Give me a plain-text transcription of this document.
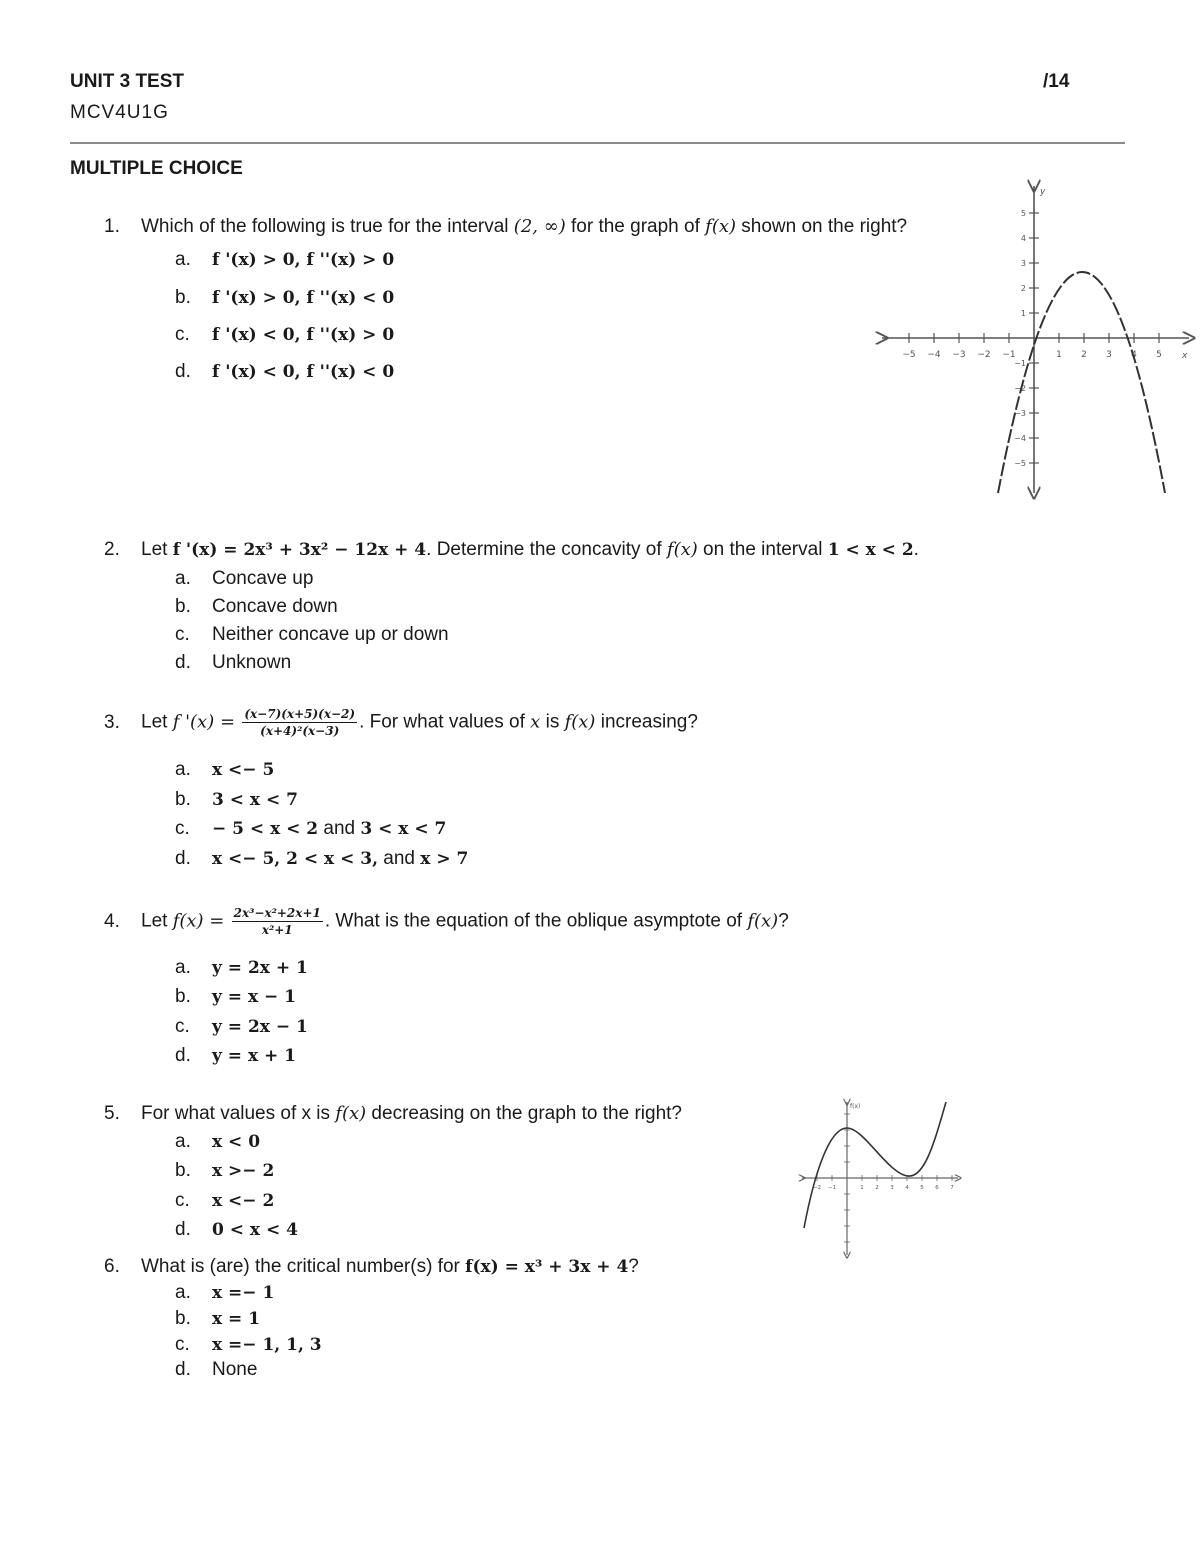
UNIT 3 TEST	/14
MCV4U1G
MULTIPLE CHOICE
1. Which of the following is true for the interval (2, ∞) for the graph of f(x) shown on the right?
a. f '(x) > 0, f ''(x) > 0
b. f '(x) > 0, f ''(x) < 0
c. f '(x) < 0, f ''(x) > 0
d. f '(x) < 0, f ''(x) < 0
−5 −4 −3 −2 −1	1 2 3 4 5
5
4
3
2
1
−1
−2
−3
−4
−5
y
x
2. Let f '(x) = 2x³ + 3x² − 12x + 4. Determine the concavity of f(x) on the interval 1 < x < 2.
a. Concave up
b. Concave down
c. Neither concave up or down
d. Unknown
3. Let f '$(x) = \frac{(x-7)(x+5)(x-2)}{\text{(x+4)²(x−3)}}$ . For what values of x is f(x) increasing?
a. x <− 5
b. 3 < x < 7
c. − 5 < x < 2 and 3 < x < 7
d. x <− 5, 2 < x < 3, and x > 7
4. Let $f(x) = \frac{\text{2x³−x²+2x+1}}{\text{x²+1}}$ . What is the equation of the oblique asymptote of f(x)?
a. y = 2x + 1
b. y = x − 1
c. y = 2x − 1
d. y = x + 1
5. For what values of x is f(x) decreasing on the graph to the right?
a. x < 0
b. x >− 2
c. x <− 2
d. 0 < x < 4
−2 −1	1 2 3 4 5 6 7
f(x)
6. What is (are) the critical number(s) for f(x) = x³ + 3x + 4?
a. x =− 1
b. x = 1
c. x =− 1, 1, 3
d. None
